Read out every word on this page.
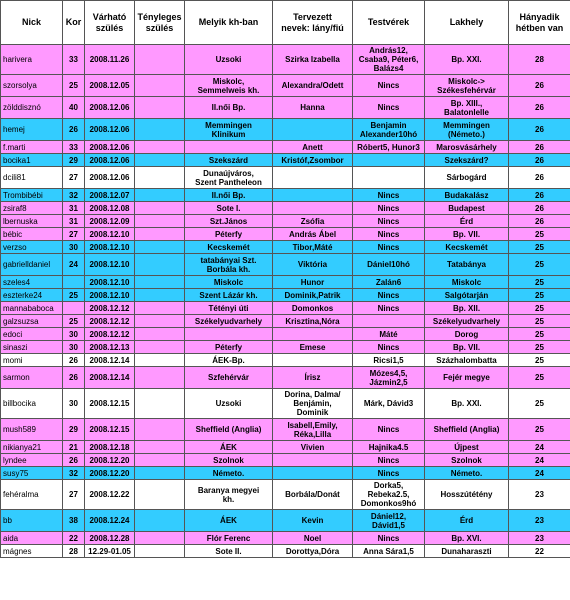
Nick	Kor	Várható
szülés	Tényleges
szülés	Melyik kh-ban	Tervezett
nevek: lány/fiú	Testvérek	Lakhely	Hányadik
hétben van
harivera	33	2008.11.26		Uzsoki	Szirka Izabella	András12,
Csaba9, Péter6,
Balázs4	Bp. XXI.	28
szorsolya	25	2008.12.05		Miskolc,
Semmelweis kh.	Alexandra/Odett	Nincs	Miskolc->
Székesfehérvár	26
zölddisznó	40	2008.12.06		II.női Bp.	Hanna	Nincs	Bp. XIII.,
Balatonlelle	26
hemej	26	2008.12.06		Memmingen
Klinikum		Benjamin
Alexander10hó	Memmingen
(Németo.)	26
f.marti	33	2008.12.06			Anett	Róbert5, Hunor3	Marosvásárhely	26
bocika1	29	2008.12.06		Szekszárd	Kristóf,Zsombor		Szekszárd?	26
dcili81	27	2008.12.06		Dunaújváros,
Szent Pantheleon			Sárbogárd	26
Trombibébi	32	2008.12.07		II.női Bp.		Nincs	Budakalász	26
zsiraf8	31	2008.12.08		Sote I.		Nincs	Budapest	26
lbernuska	31	2008.12.09		Szt.János	Zsófia	Nincs	Érd	26
bébic	27	2008.12.10		Péterfy	András Ábel	Nincs	Bp. VII.	25
verzso	30	2008.12.10		Kecskemét	Tibor,Máté	Nincs	Kecskemét	25
gabrielldaniel	24	2008.12.10		tatabányai Szt.
Borbála kh.	Viktória	Dániel10hó	Tatabánya	25
szeles4		2008.12.10		Miskolc	Hunor	Zalán6	Miskolc	25
eszterke24	25	2008.12.10		Szent Lázár kh.	Dominik,Patrik	Nincs	Salgótarján	25
mannababoca		2008.12.12		Tétényi úti	Domonkos	Nincs	Bp. XII.	25
galzsuzsa	25	2008.12.12		Székelyudvarhely	Krisztina,Nóra		Székelyudvarhely	25
edoci	30	2008.12.12				Máté	Dorog	25
sinaszi	30	2008.12.13		Péterfy	Emese	Nincs	Bp. VII.	25
momi	26	2008.12.14		ÁEK-Bp.		Ricsi1,5	Százhalombatta	25
sarmon	26	2008.12.14		Szfehérvár	Írisz	Mózes4,5,
Jázmin2,5	Fejér megye	25
billbocika	30	2008.12.15		Uzsoki	Dorina, Dalma/
Benjámin,
Dominik	Márk, Dávid3	Bp. XXI.	25
mush589	29	2008.12.15		Sheffield (Anglia)	Isabell,Emily,
Réka,Lilla	Nincs	Sheffield (Anglia)	25
nikianya21	21	2008.12.18		ÁEK	Vivien	Hajnika4.5	Újpest	24
lyndee	26	2008.12.20		Szolnok		Nincs	Szolnok	24
susy75	32	2008.12.20		Németo.		Nincs	Németo.	24
fehéralma	27	2008.12.22		Baranya megyei
kh.	Borbála/Donát	Dorka5,
Rebeka2.5,
Domonkos9hó	Hosszútétény	23
bb	38	2008.12.24		ÁEK	Kevin	Dániel12,
Dávid1,5	Érd	23
aida	22	2008.12.28		Flór Ferenc	Noel	Nincs	Bp. XVI.	23
mágnes	28	12.29-01.05		Sote II.	Dorottya,Dóra	Anna Sára1,5	Dunaharaszti	22
